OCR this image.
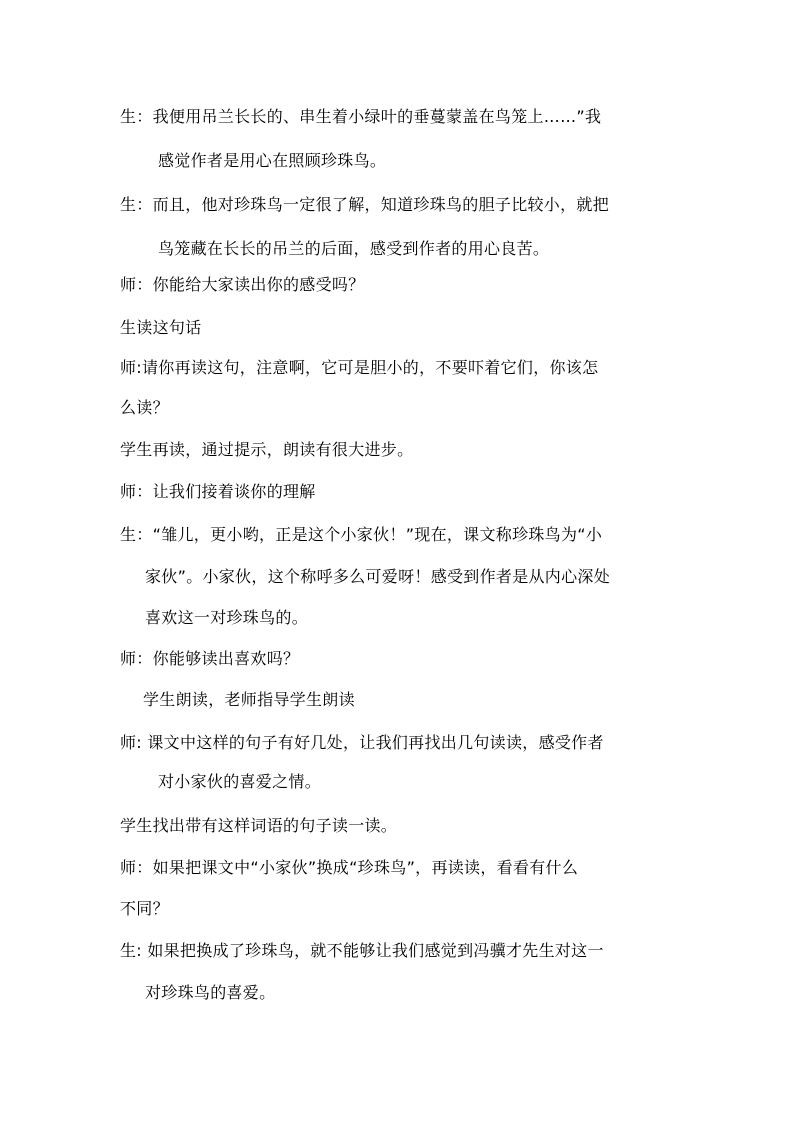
生：我便用吊兰长长的、串生着小绿叶的垂蔓蒙盖在鸟笼上……”我
感觉作者是用心在照顾珍珠鸟。
生：而且，他对珍珠鸟一定很了解，知道珍珠鸟的胆子比较小，就把
鸟笼藏在长长的吊兰的后面，感受到作者的用心良苦。
师：你能给大家读出你的感受吗？
生读这句话
师:请你再读这句，注意啊，它可是胆小的，不要吓着它们，你该怎
么读？
学生再读，通过提示，朗读有很大进步。
师：让我们接着谈你的理解
生：“雏儿，更小哟，正是这个小家伙！”现在，课文称珍珠鸟为“小
家伙”。小家伙，这个称呼多么可爱呀！感受到作者是从内心深处
喜欢这一对珍珠鸟的。
师：你能够读出喜欢吗？
学生朗读，老师指导学生朗读
师: 课文中这样的句子有好几处，让我们再找出几句读读，感受作者
对小家伙的喜爱之情。
学生找出带有这样词语的句子读一读。
师：如果把课文中“小家伙”换成“珍珠鸟”，再读读，看看有什么
不同？
生: 如果把换成了珍珠鸟，就不能够让我们感觉到冯骥才先生对这一
对珍珠鸟的喜爱。
